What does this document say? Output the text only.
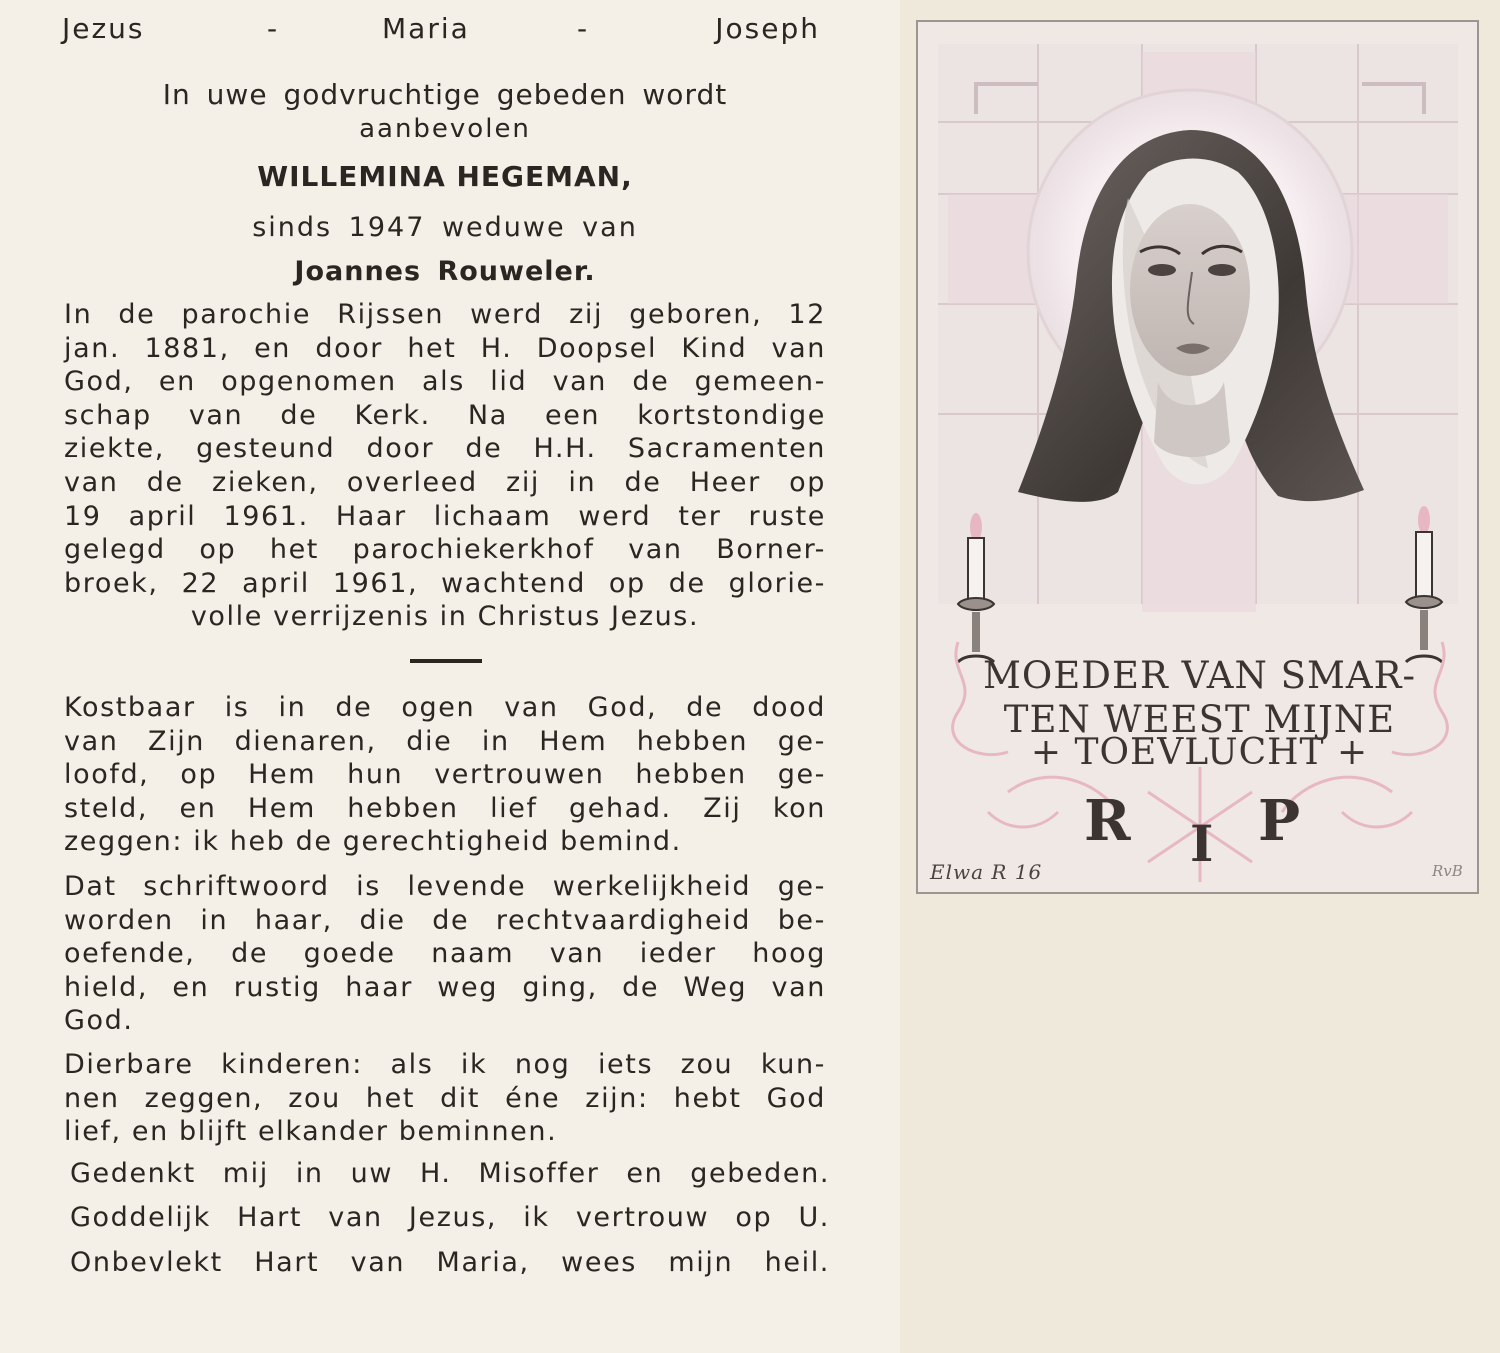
Jezus	-	Maria	-	Joseph
In uwe godvruchtige gebeden wordt
aanbevolen
WILLEMINA HEGEMAN,
sinds 1947 weduwe van
Joannes Rouweler.
In de parochie Rijssen werd zij geboren, 12
jan. 1881, en door het H. Doopsel Kind van
God, en opgenomen als lid van de gemeen-
schap van de Kerk. Na een kortstondige
ziekte, gesteund door de H.H. Sacramenten
van de zieken, overleed zij in de Heer op
19 april 1961. Haar lichaam werd ter ruste
gelegd op het parochiekerkhof van Borner-
broek, 22 april 1961, wachtend op de glorie-
volle verrijzenis in Christus Jezus.
Kostbaar is in de ogen van God, de dood
van Zijn dienaren, die in Hem hebben ge-
loofd, op Hem hun vertrouwen hebben ge-
steld, en Hem hebben lief gehad. Zij kon
zeggen: ik heb de gerechtigheid bemind.
Dat schriftwoord is levende werkelijkheid ge-
worden in haar, die de rechtvaardigheid be-
oefende, de goede naam van ieder hoog
hield, en rustig haar weg ging, de Weg van
God.
Dierbare kinderen: als ik nog iets zou kun-
nen zeggen, zou het dit éne zijn: hebt God
lief, en blijft elkander beminnen.
Gedenkt mij in uw H. Misoffer en gebeden.
Goddelijk Hart van Jezus, ik vertrouw op U.
Onbevlekt Hart van Maria, wees mijn heil.
MOEDER VAN SMAR-
TEN WEEST MIJNE
+ TOEVLUCHT +
R I P
Elwa R 16	RvB
